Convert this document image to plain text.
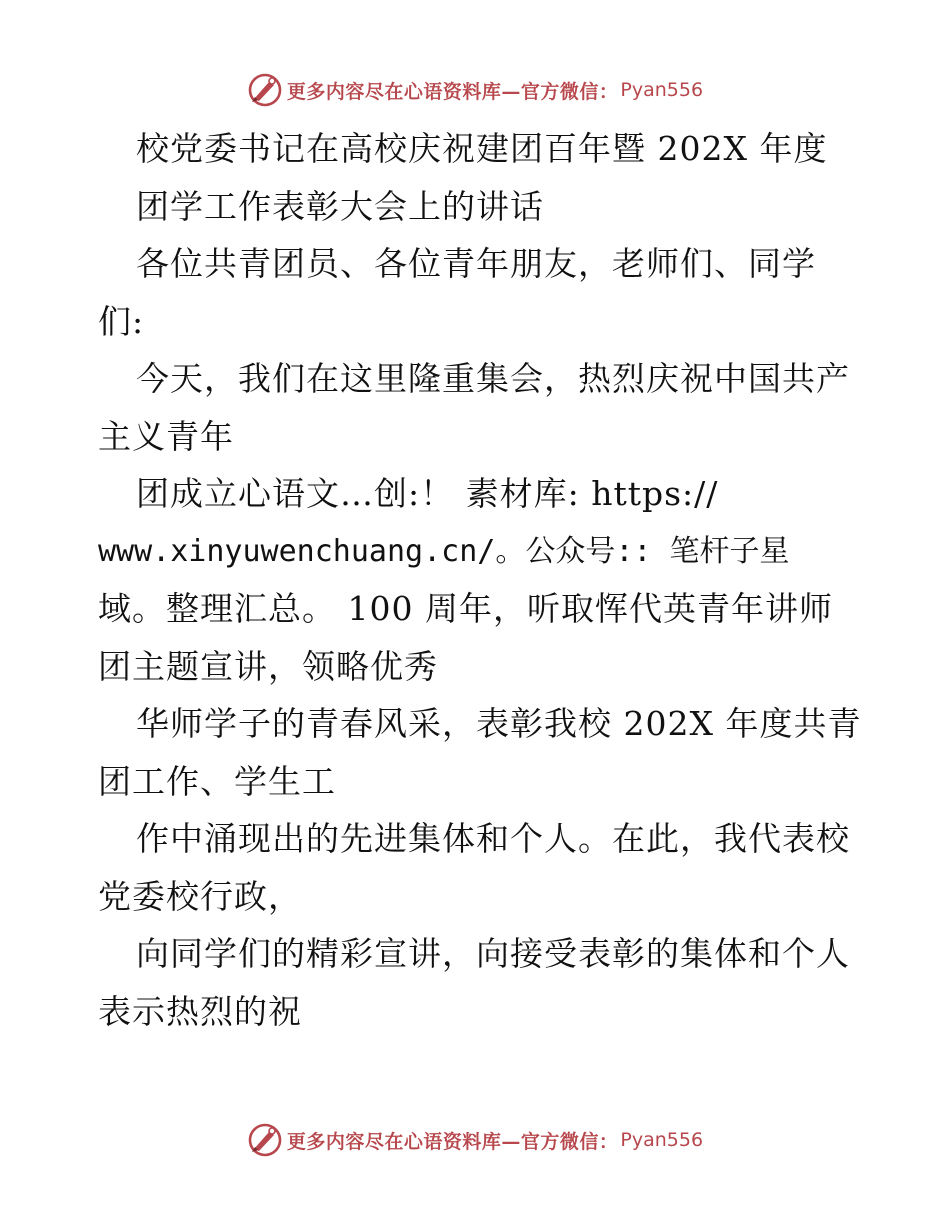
更多内容尽在心语资料库—官方微信： Pyan556
校党委书记在高校庆祝建团百年暨 202X 年度
团学工作表彰大会上的讲话
各位共青团员、各位青年朋友，老师们、同学
们:
今天，我们在这里隆重集会，热烈庆祝中国共产
主义青年
团成立心语文…创:！ 素材库: https://
www.xinyuwenchuang.cn/。公众号:: 笔杆子星
域。整理汇总。 100 周年，听取恽代英青年讲师
团主题宣讲，领略优秀
华师学子的青春风采，表彰我校 202X 年度共青
团工作、学生工
作中涌现出的先进集体和个人。在此，我代表校
党委校行政，
向同学们的精彩宣讲，向接受表彰的集体和个人
表示热烈的祝
更多内容尽在心语资料库—官方微信： Pyan556
